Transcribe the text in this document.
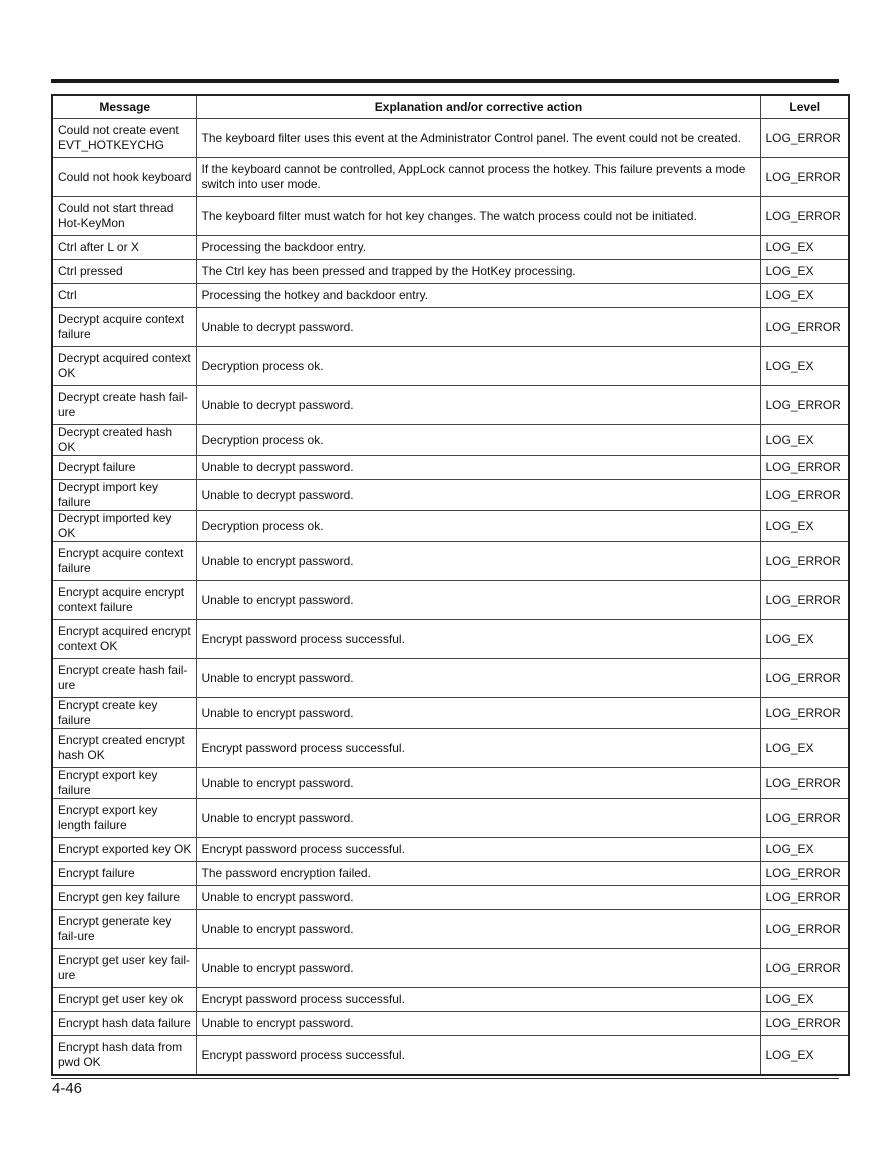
Message	Explanation and/or corrective action	Level
Could not create event EVT_HOTKEYCHG	The keyboard filter uses this event at the Administrator Control panel. The event could not be created.	LOG_ERROR
Could not hook keyboard	If the keyboard cannot be controlled, AppLock cannot process the hotkey. This failure prevents a mode switch into user mode.	LOG_ERROR
Could not start thread Hot-KeyMon	The keyboard filter must watch for hot key changes. The watch process could not be initiated.	LOG_ERROR
Ctrl after L or X	Processing the backdoor entry.	LOG_EX
Ctrl pressed	The Ctrl key has been pressed and trapped by the HotKey processing.	LOG_EX
Ctrl	Processing the hotkey and backdoor entry.	LOG_EX
Decrypt acquire context failure	Unable to decrypt password.	LOG_ERROR
Decrypt acquired context OK	Decryption process ok.	LOG_EX
Decrypt create hash fail-ure	Unable to decrypt password.	LOG_ERROR
Decrypt created hash OK	Decryption process ok.	LOG_EX
Decrypt failure	Unable to decrypt password.	LOG_ERROR
Decrypt import key failure	Unable to decrypt password.	LOG_ERROR
Decrypt imported key OK	Decryption process ok.	LOG_EX
Encrypt acquire context failure	Unable to encrypt password.	LOG_ERROR
Encrypt acquire encrypt context failure	Unable to encrypt password.	LOG_ERROR
Encrypt acquired encrypt context OK	Encrypt password process successful.	LOG_EX
Encrypt create hash fail-ure	Unable to encrypt password.	LOG_ERROR
Encrypt create key failure	Unable to encrypt password.	LOG_ERROR
Encrypt created encrypt hash OK	Encrypt password process successful.	LOG_EX
Encrypt export key failure	Unable to encrypt password.	LOG_ERROR
Encrypt export key length failure	Unable to encrypt password.	LOG_ERROR
Encrypt exported key OK	Encrypt password process successful.	LOG_EX
Encrypt failure	The password encryption failed.	LOG_ERROR
Encrypt gen key failure	Unable to encrypt password.	LOG_ERROR
Encrypt generate key fail-ure	Unable to encrypt password.	LOG_ERROR
Encrypt get user key fail-ure	Unable to encrypt password.	LOG_ERROR
Encrypt get user key ok	Encrypt password process successful.	LOG_EX
Encrypt hash data failure	Unable to encrypt password.	LOG_ERROR
Encrypt hash data from pwd OK	Encrypt password process successful.	LOG_EX
4-46
